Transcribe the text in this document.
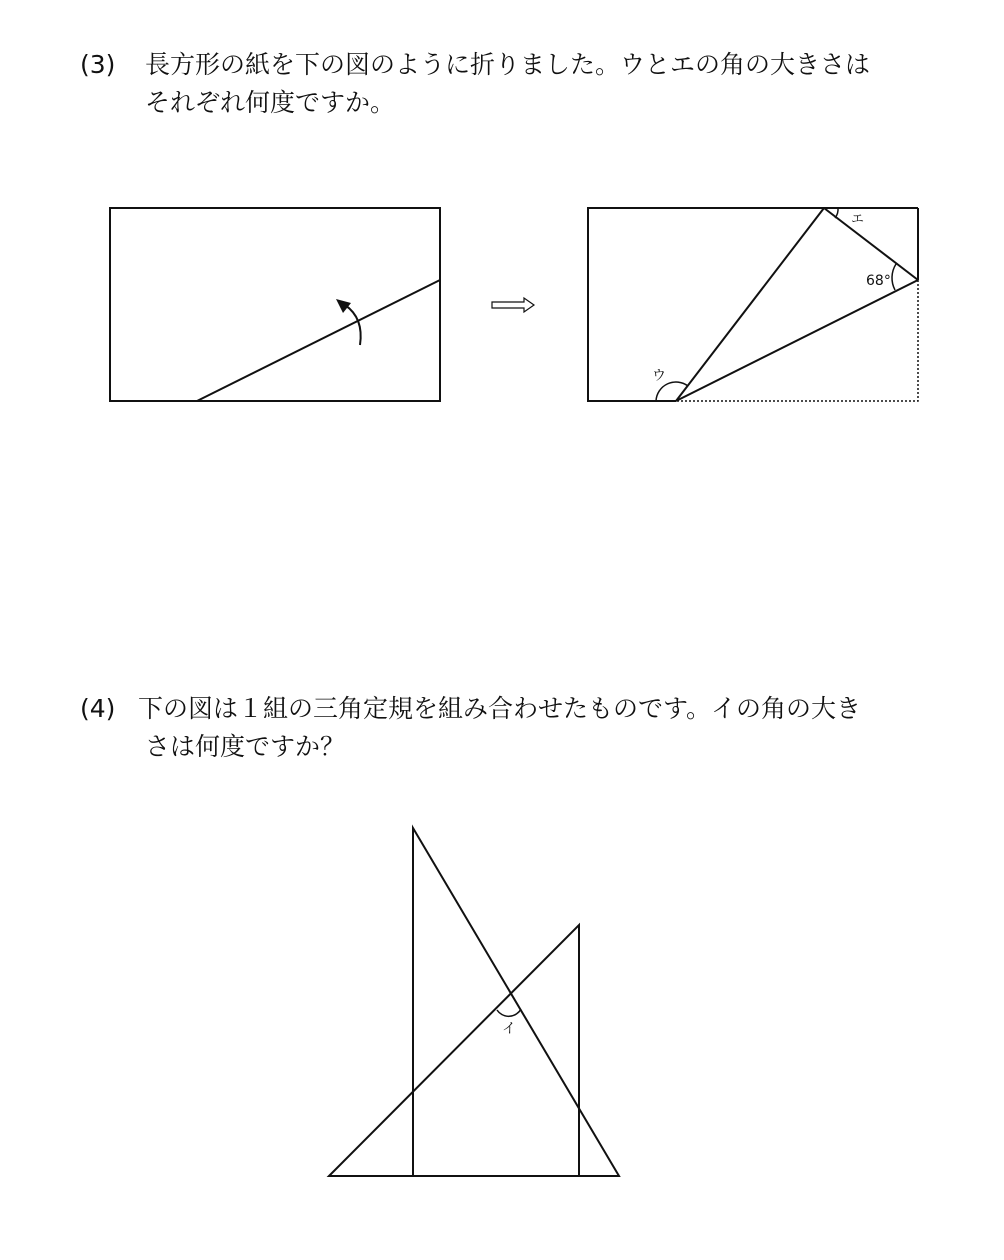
(3) 長方形の紙を下の図のように折りました。ウとエの角の大きさは
それぞれ何度ですか。
(4) 下の図は１組の三角定規を組み合わせたものです。イの角の大き
さは何度ですか？
ウ
エ
68°
イ
